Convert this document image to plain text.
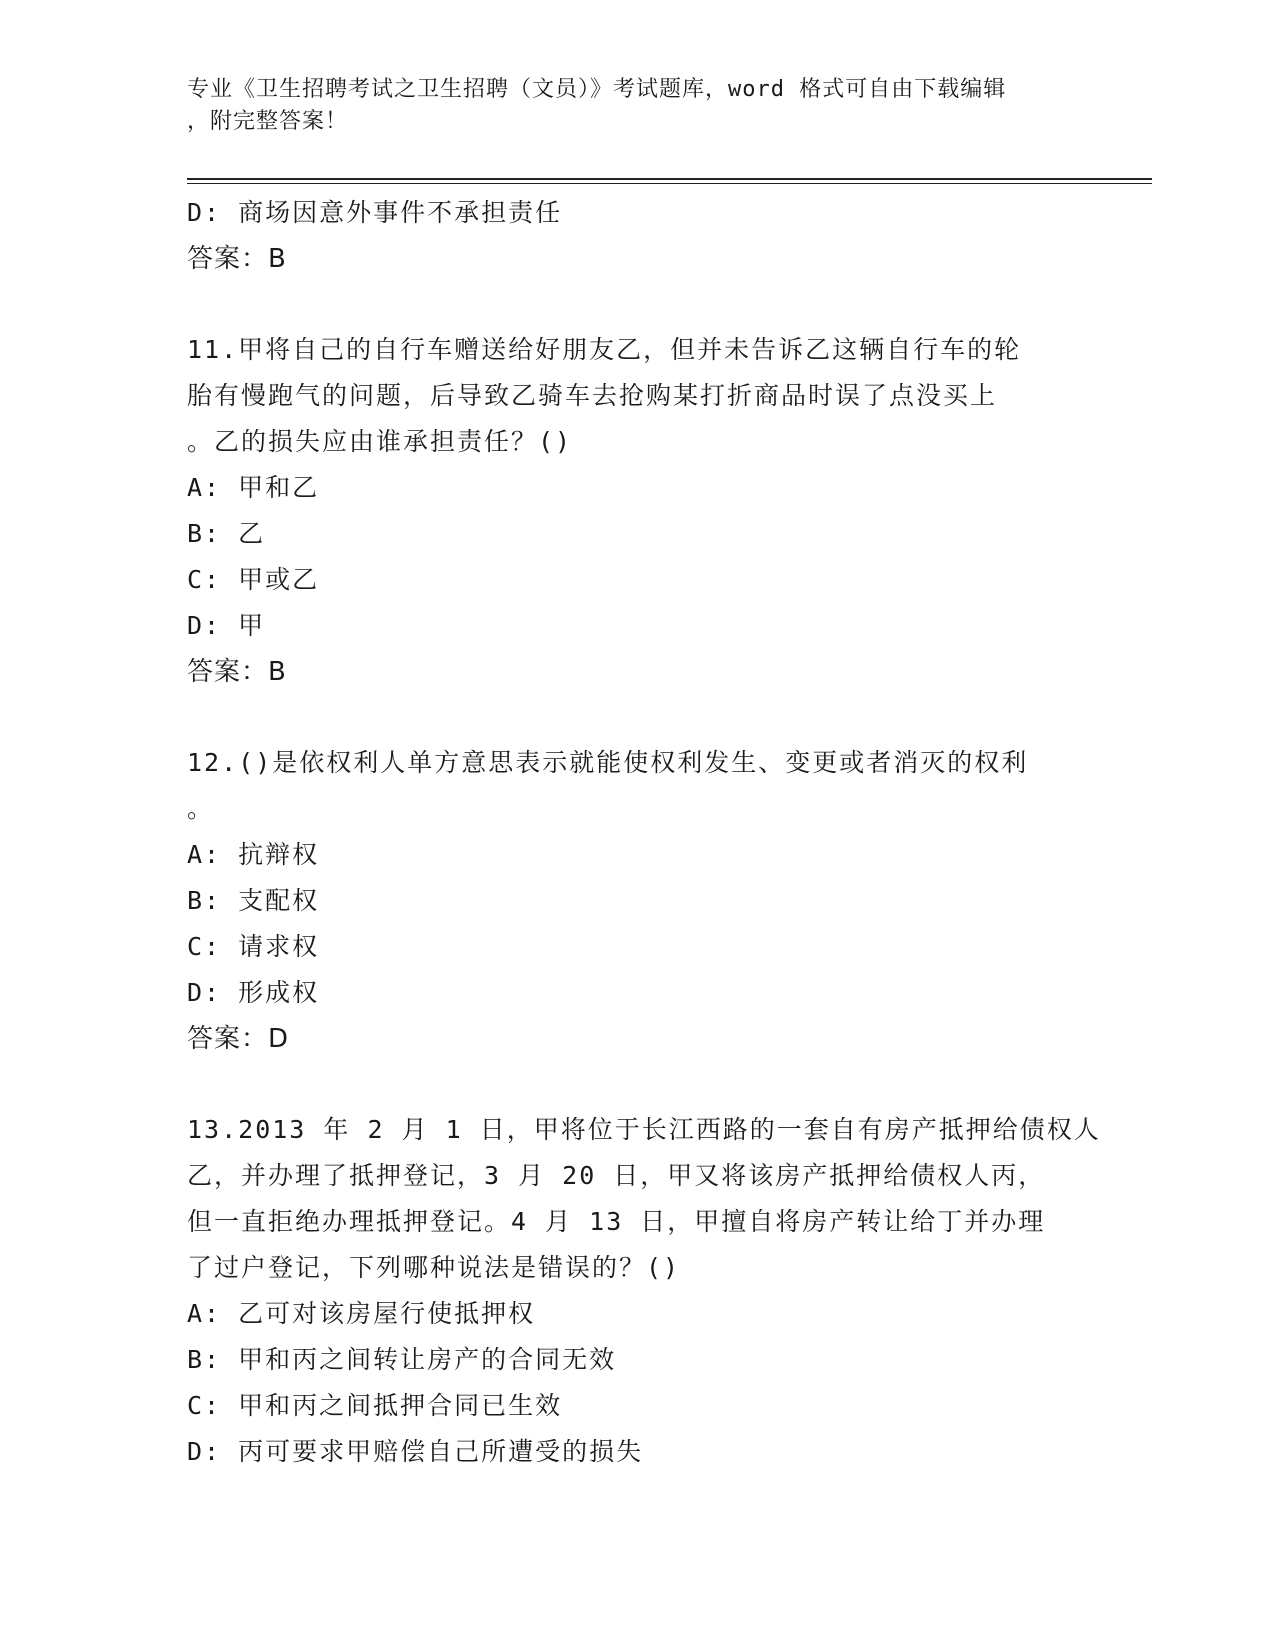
专业《卫生招聘考试之卫生招聘（文员）》考试题库，word 格式可自由下载编辑
，附完整答案！
D: 商场因意外事件不承担责任
答案：B
11.甲将自己的自行车赠送给好朋友乙，但并未告诉乙这辆自行车的轮
胎有慢跑气的问题，后导致乙骑车去抢购某打折商品时误了点没买上
。乙的损失应由谁承担责任？()
A: 甲和乙
B: 乙
C: 甲或乙
D: 甲
答案：B
12.()是依权利人单方意思表示就能使权利发生、变更或者消灭的权利
。
A: 抗辩权
B: 支配权
C: 请求权
D: 形成权
答案：D
13.2013 年 2 月 1 日，甲将位于长江西路的一套自有房产抵押给债权人
乙，并办理了抵押登记，3 月 20 日，甲又将该房产抵押给债权人丙，
但一直拒绝办理抵押登记。4 月 13 日，甲擅自将房产转让给丁并办理
了过户登记，下列哪种说法是错误的？()
A: 乙可对该房屋行使抵押权
B: 甲和丙之间转让房产的合同无效
C: 甲和丙之间抵押合同已生效
D: 丙可要求甲赔偿自己所遭受的损失
